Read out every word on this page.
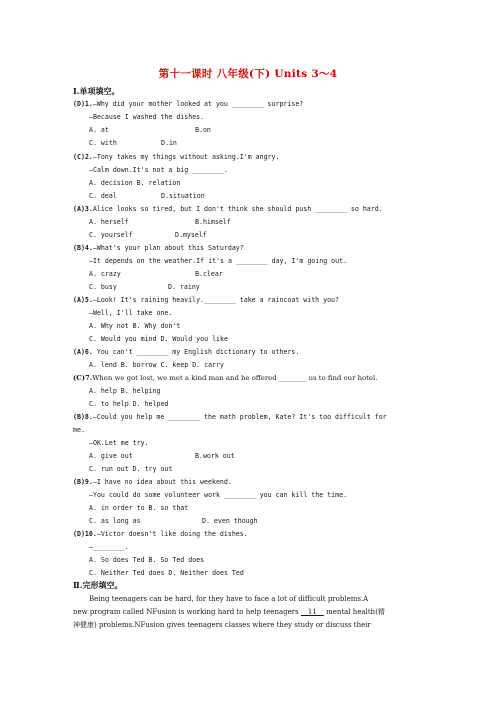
第十一课时 八年级(下) Units 3～4
Ⅰ.单项填空。
(D)1.—Why did your mother looked at you ________ surprise?
—Because I washed the dishes.
A. at	B.on
C. with	D.in
(C)2.—Tony takes my things without asking.I'm angry.
—Calm down.It's not a big ________.
A. decision B. relation
C. deal	D.situation
(A)3.Alice looks so tired, but I don't think she should push ________ so hard.
A. herself	B.himself
C. yourself	D.myself
(B)4.—What's your plan about this Saturday?
—It depends on the weather.If it's a ________ day, I'm going out.
A. crazy	B.clear
C. busy	D. rainy
(A)5.—Look! It's raining heavily.________ take a raincoat with you?
—Well, I'll take one.
A. Why not B. Why don't
C. Would you mind D. Would you like
(A)6. You can't ________ my English dictionary to others.
A. lend B. borrow C. keep D. carry
(C)7.When we got lost, we met a kind man and he offered ________ us to find our hotel.
A. help B. helping
C. to help D. helped
(B)8.—Could you help me ________ the math problem, Kate? It's too difficult for
me.
—OK.Let me try.
A. give out	B.work out
C. run out D. try out
(B)9.—I have no idea about this weekend.
—You could do some volunteer work ________ you can kill the time.
A. in order to B. so that
C. as long as	D. even though
(D)10.—Victor doesn't like doing the dishes.
—________.
A. So does Ted B. So Ted does
C. Neither Ted does D. Neither does Ted
Ⅱ.完形填空。
Being teenagers can be hard, for they have to face a lot of difficult problems.A
new program called NFusion is working hard to help teenagers __11__ mental health(精
神健康) problems.NFusion gives teenagers classes where they study or discuss their
